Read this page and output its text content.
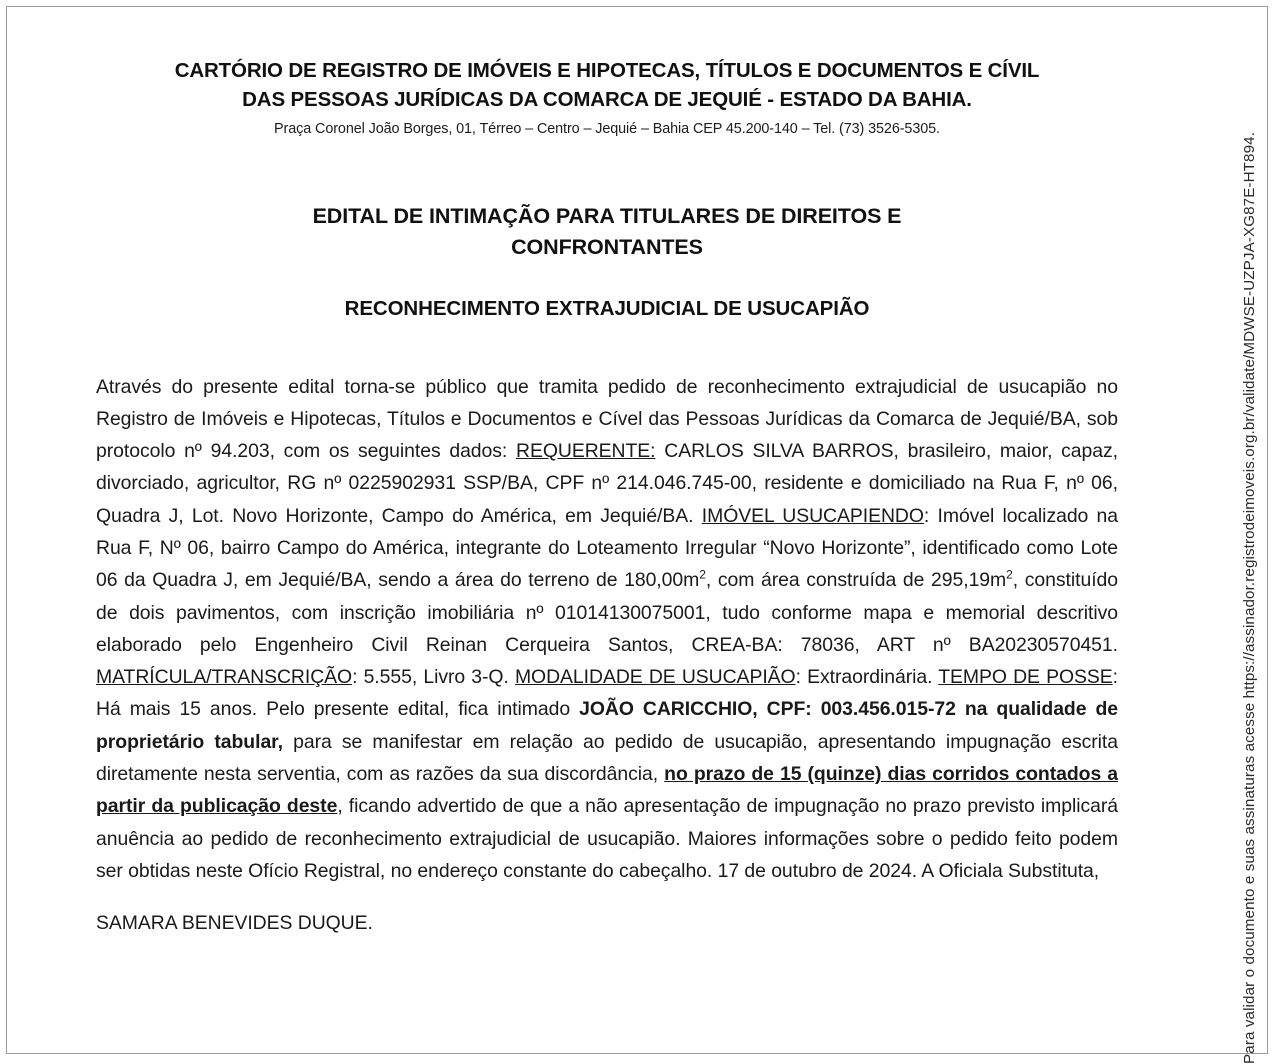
CARTÓRIO DE REGISTRO DE IMÓVEIS E HIPOTECAS, TÍTULOS E DOCUMENTOS E CÍVIL
DAS PESSOAS JURÍDICAS DA COMARCA DE JEQUIÉ - ESTADO DA BAHIA.
Praça Coronel João Borges, 01, Térreo – Centro – Jequié – Bahia CEP 45.200-140 – Tel. (73) 3526-5305.
EDITAL DE INTIMAÇÃO PARA TITULARES DE DIREITOS E CONFRONTANTES
RECONHECIMENTO EXTRAJUDICIAL DE USUCAPIÃO

Através do presente edital torna-se público que tramita pedido de reconhecimento extrajudicial de usucapião no Registro de Imóveis e Hipotecas, Títulos e Documentos e Cível das Pessoas Jurídicas da Comarca de Jequié/BA, sob protocolo nº 94.203, com os seguintes dados: REQUERENTE: CARLOS SILVA BARROS, brasileiro, maior, capaz, divorciado, agricultor, RG nº 0225902931 SSP/BA, CPF nº 214.046.745-00, residente e domiciliado na Rua F, nº 06, Quadra J, Lot. Novo Horizonte, Campo do América, em Jequié/BA. IMÓVEL USUCAPIENDO: Imóvel localizado na Rua F, Nº 06, bairro Campo do América, integrante do Loteamento Irregular “Novo Horizonte”, identificado como Lote 06 da Quadra J, em Jequié/BA, sendo a área do terreno de $180,00m^2$, com área construída de $295,19m^2$, constituído de dois pavimentos, com inscrição imobiliária nº 01014130075001, tudo conforme mapa e memorial descritivo elaborado pelo Engenheiro Civil Reinan Cerqueira Santos, CREA-BA: 78036, ART nº BA20230570451. MATRÍCULA/TRANSCRIÇÃO: 5.555, Livro 3-Q. MODALIDADE DE USUCAPIÃO: Extraordinária. TEMPO DE POSSE: Há mais 15 anos. Pelo presente edital, fica intimado JOÃO CARICCHIO, CPF: 003.456.015-72 na qualidade de proprietário tabular, para se manifestar em relação ao pedido de usucapião, apresentando impugnação escrita diretamente nesta serventia, com as razões da sua discordância, no prazo de 15 (quinze) dias corridos contados a partir da publicação deste, ficando advertido de que a não apresentação de impugnação no prazo previsto implicará anuência ao pedido de reconhecimento extrajudicial de usucapião. Maiores informações sobre o pedido feito podem ser obtidas neste Ofício Registral, no endereço constante do cabeçalho. 17 de outubro de 2024. A Oficiala Substituta,

SAMARA BENEVIDES DUQUE.	Para validar o documento e suas assinaturas acesse https://assinador.registrodeimoveis.org.br/validate/MDWSE-UZPJA-XG87E-HT894.
